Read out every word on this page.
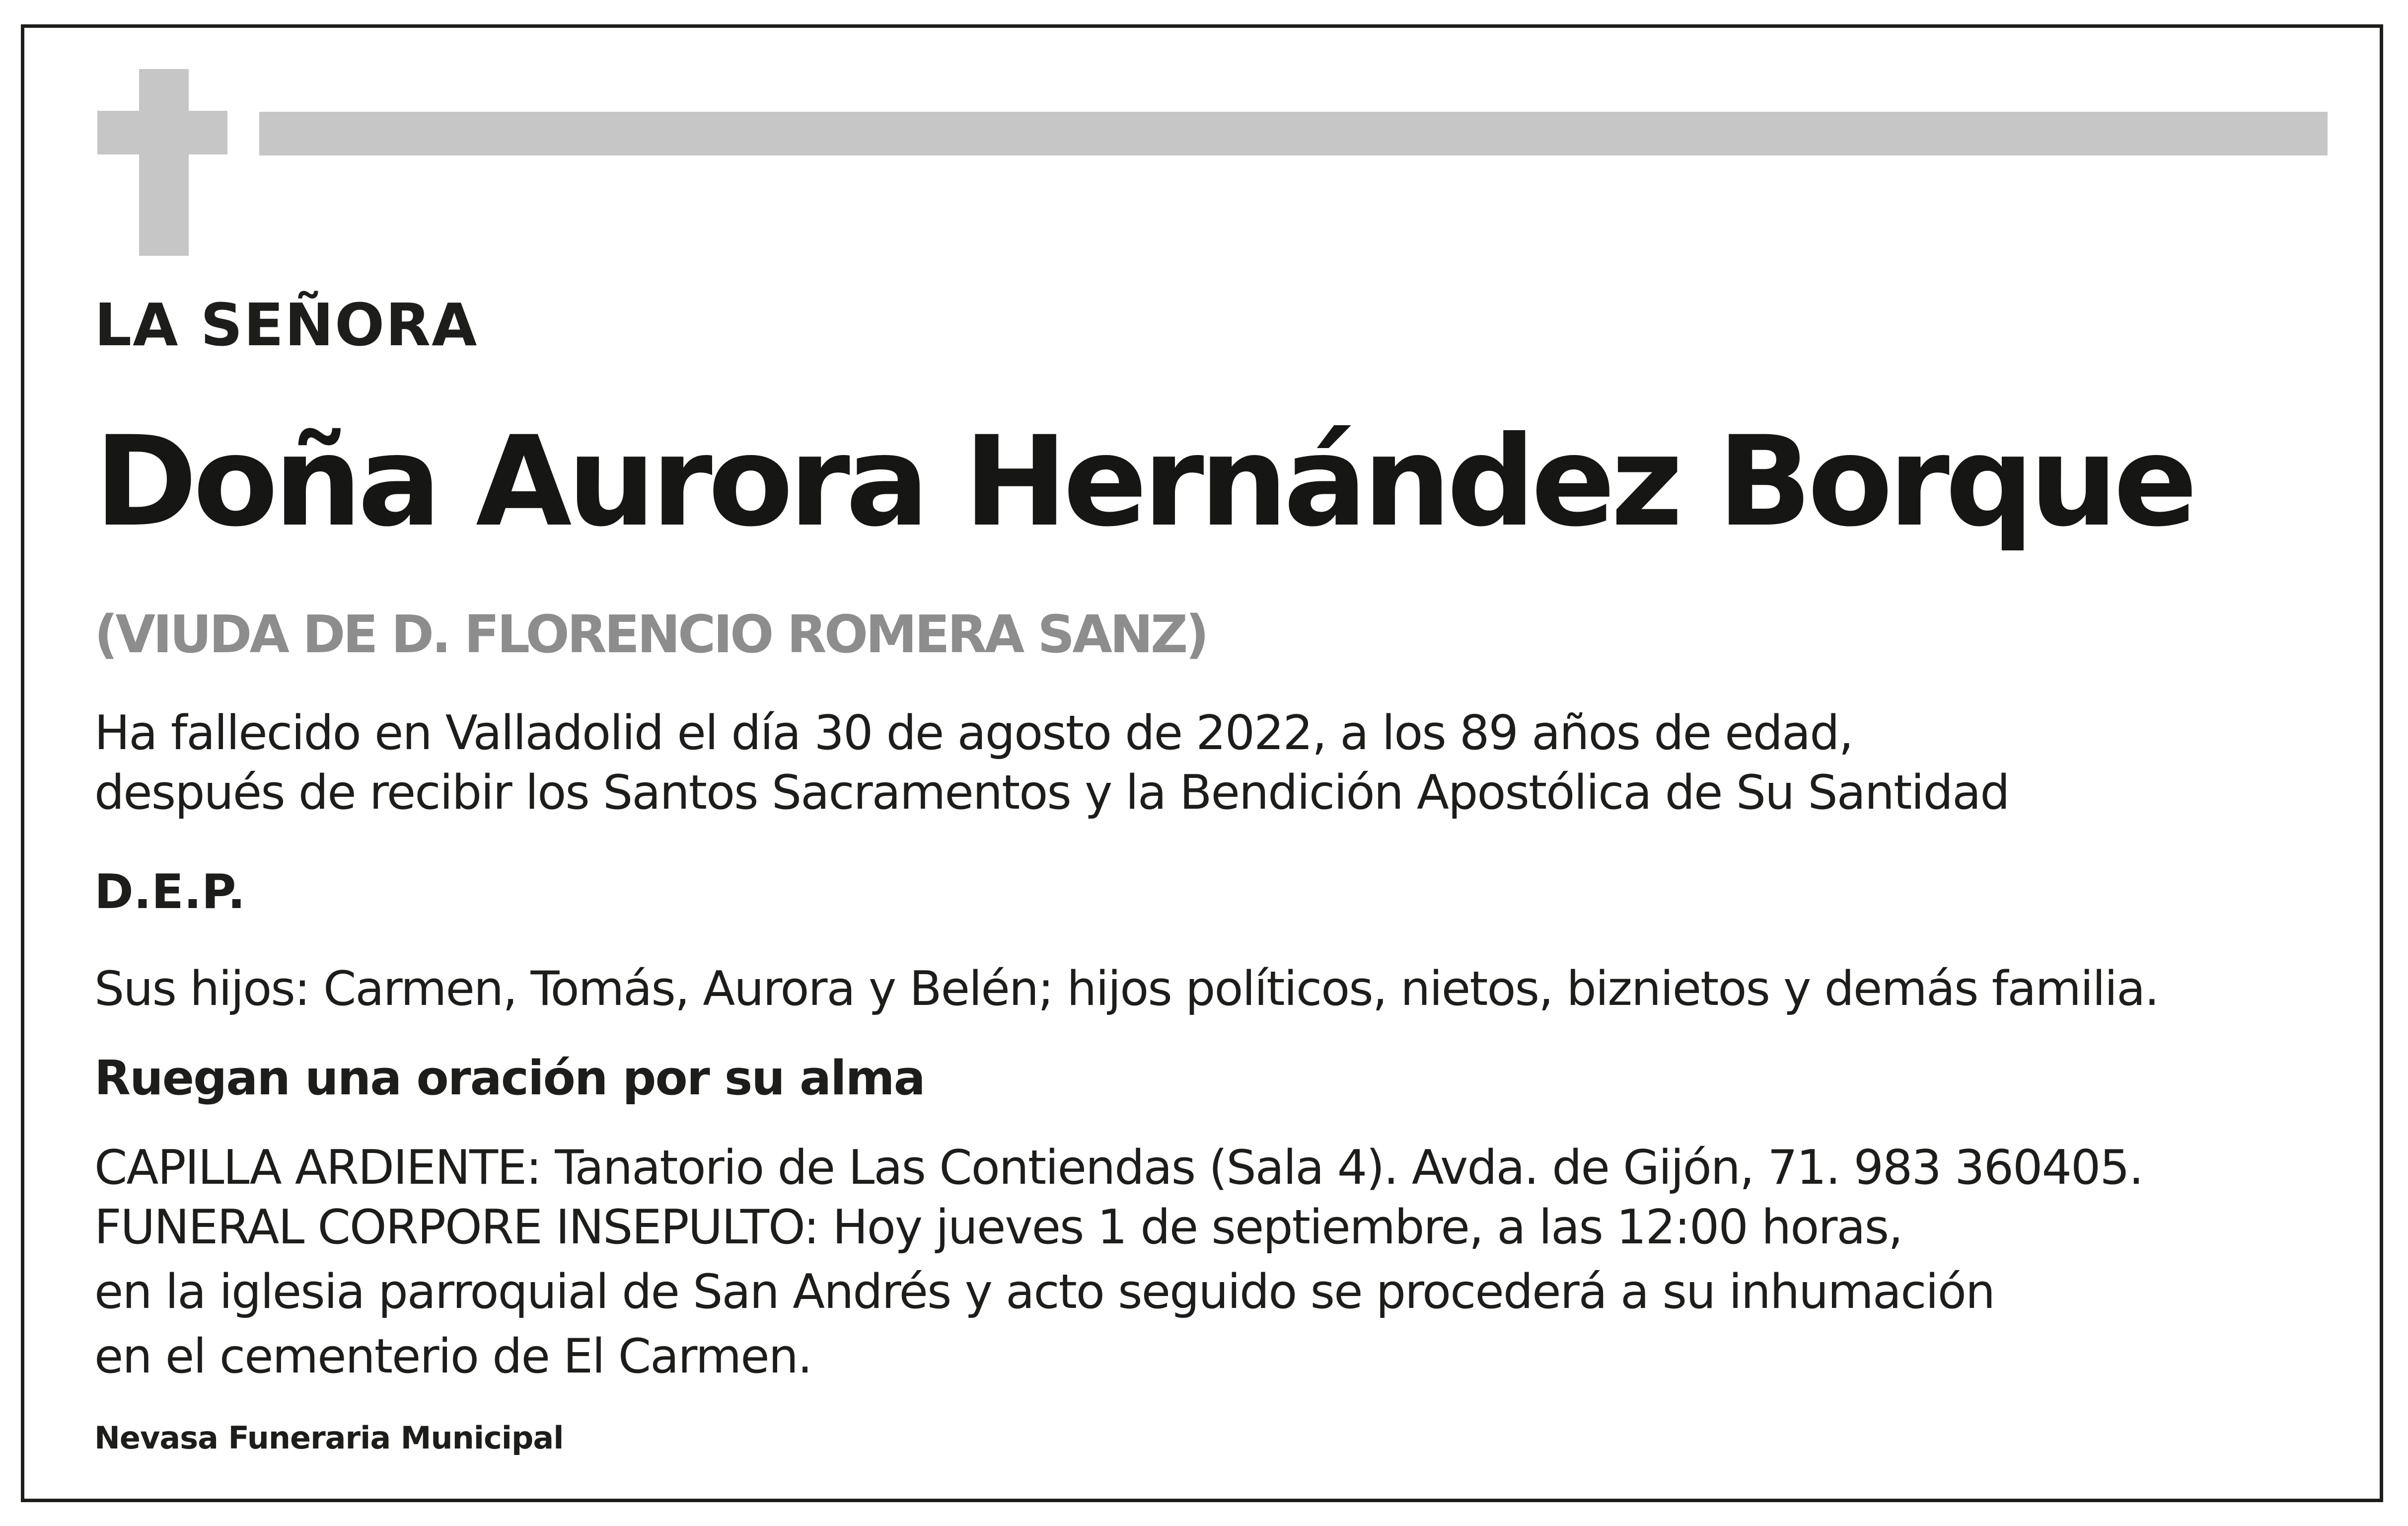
LA SEÑORA

Doña Aurora Hernández Borque

(VIUDA DE D. FLORENCIO ROMERA SANZ)

Ha fallecido en Valladolid el día 30 de agosto de 2022, a los 89 años de edad,

después de recibir los Santos Sacramentos y la Bendición Apostólica de Su Santidad

D.E.P.

Sus hijos: Carmen, Tomás, Aurora y Belén; hijos políticos, nietos, biznietos y demás familia.

Ruegan una oración por su alma

CAPILLA ARDIENTE: Tanatorio de Las Contiendas (Sala 4). Avda. de Gijón, 71. 983 360405.

FUNERAL CORPORE INSEPULTO: Hoy jueves 1 de septiembre, a las 12:00 horas,

en la iglesia parroquial de San Andrés y acto seguido se procederá a su inhumación

en el cementerio de El Carmen.

Nevasa Funeraria Municipal
